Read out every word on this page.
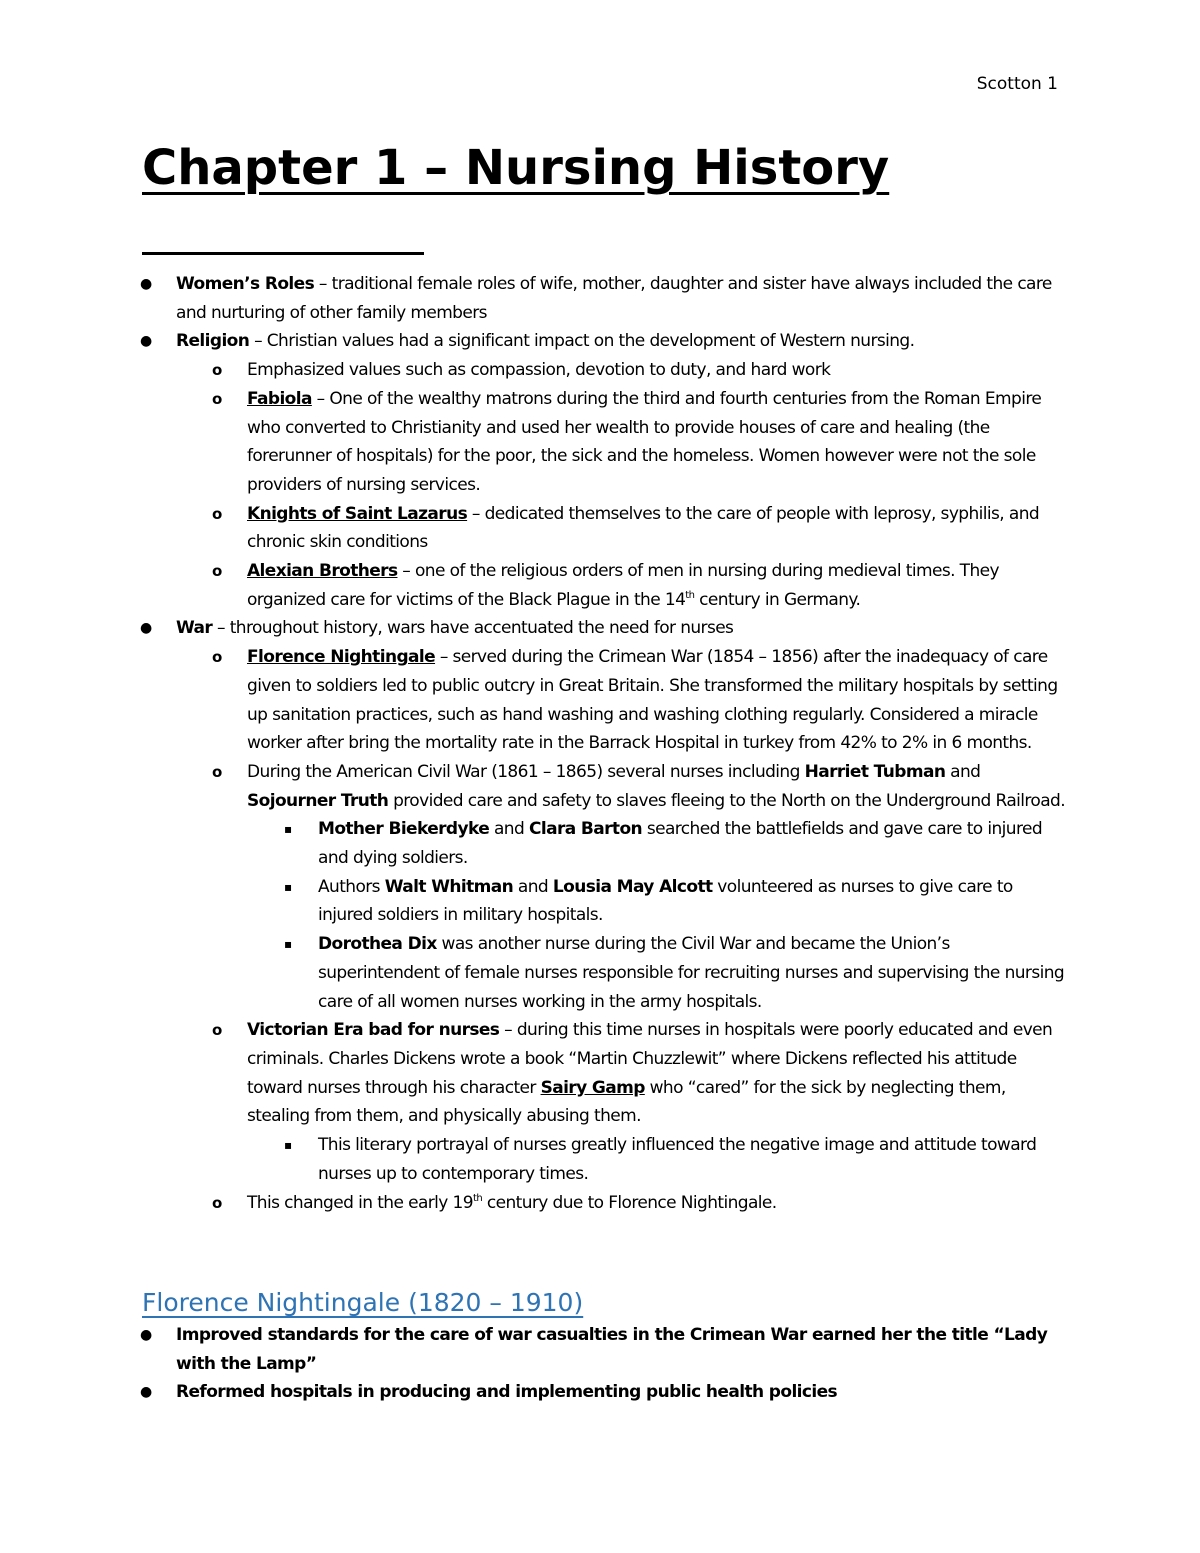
Scotton 1
Chapter 1 – Nursing History
● Women’s Roles – traditional female roles of wife, mother, daughter and sister have always included the care and nurturing of other family members
● Religion – Christian values had a significant impact on the development of Western nursing.
o Emphasized values such as compassion, devotion to duty, and hard work
o Fabiola – One of the wealthy matrons during the third and fourth centuries from the Roman Empire who converted to Christianity and used her wealth to provide houses of care and healing (the forerunner of hospitals) for the poor, the sick and the homeless. Women however were not the sole providers of nursing services.
o Knights of Saint Lazarus – dedicated themselves to the care of people with leprosy, syphilis, and chronic skin conditions
o Alexian Brothers – one of the religious orders of men in nursing during medieval times. They organized care for victims of the Black Plague in the 14th century in Germany.
● War – throughout history, wars have accentuated the need for nurses
o Florence Nightingale – served during the Crimean War (1854 – 1856) after the inadequacy of care given to soldiers led to public outcry in Great Britain. She transformed the military hospitals by setting up sanitation practices, such as hand washing and washing clothing regularly. Considered a miracle worker after bring the mortality rate in the Barrack Hospital in turkey from 42% to 2% in 6 months.
o During the American Civil War (1861 – 1865) several nurses including Harriet Tubman and Sojourner Truth provided care and safety to slaves fleeing to the North on the Underground Railroad.
▪ Mother Biekerdyke and Clara Barton searched the battlefields and gave care to injured and dying soldiers.
▪ Authors Walt Whitman and Lousia May Alcott volunteered as nurses to give care to injured soldiers in military hospitals.
▪ Dorothea Dix was another nurse during the Civil War and became the Union’s superintendent of female nurses responsible for recruiting nurses and supervising the nursing care of all women nurses working in the army hospitals.
o Victorian Era bad for nurses – during this time nurses in hospitals were poorly educated and even criminals. Charles Dickens wrote a book “Martin Chuzzlewit” where Dickens reflected his attitude toward nurses through his character Sairy Gamp who “cared” for the sick by neglecting them, stealing from them, and physically abusing them.
▪ This literary portrayal of nurses greatly influenced the negative image and attitude toward nurses up to contemporary times.
o This changed in the early 19th century due to Florence Nightingale.
Florence Nightingale (1820 – 1910)
● Improved standards for the care of war casualties in the Crimean War earned her the title “Lady with the Lamp”
● Reformed hospitals in producing and implementing public health policies
